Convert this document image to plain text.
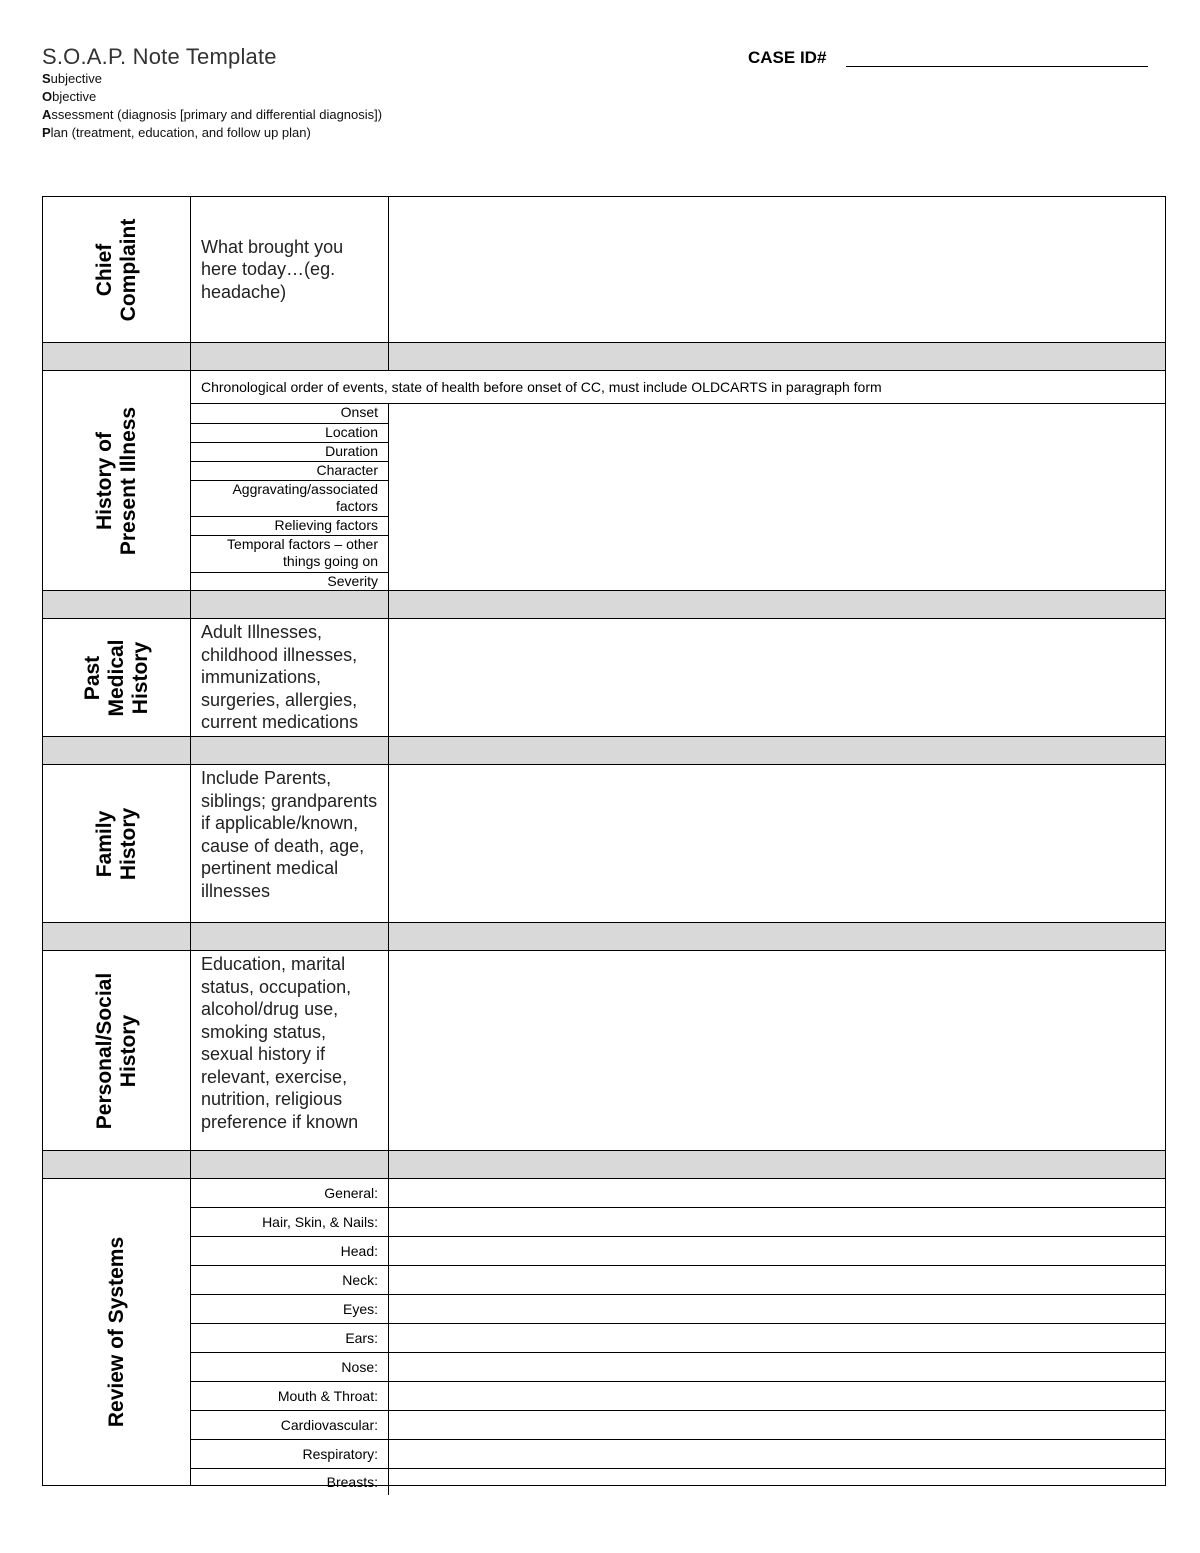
S.O.A.P. Note Template
Subjective
Objective
Assessment (diagnosis [primary and differential diagnosis])
Plan (treatment, education, and follow up plan)
CASE ID#
Chief
Complaint	What brought you here today…(eg. headache)
History of
Present Illness
Chronological order of events, state of health before onset of CC, must include OLDCARTS in paragraph form
Onset
Location
Duration
Character
Aggravating/associated
factors
Relieving factors
Temporal factors – other
things going on
Severity
Past
Medical
History
Adult Illnesses, childhood illnesses, immunizations, surgeries, allergies, current medications
Family
History
Include Parents, siblings; grandparents if applicable/known, cause of death, age, pertinent medical illnesses
Personal/Social
History
Education, marital status, occupation, alcohol/drug use, smoking status, sexual history if relevant, exercise, nutrition, religious preference if known
Review of Systems
General:
Hair, Skin, & Nails:
Head:
Neck:
Eyes:
Ears:
Nose:
Mouth & Throat:
Cardiovascular:
Respiratory:
Breasts:
